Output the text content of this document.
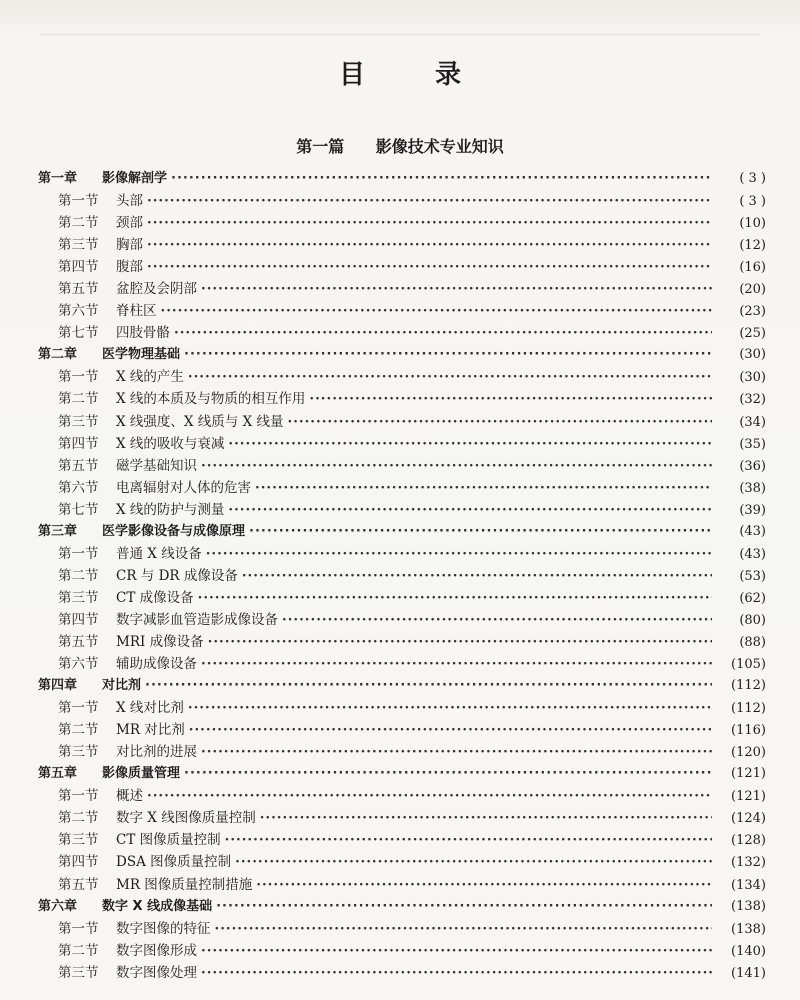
目　录
第一篇 影像技术专业知识
第一章	影像解剖学 ·····	( 3 )
第一节	头部 ·····	( 3 )
第二节	颈部 ·····	(10)
第三节	胸部 ·····	(12)
第四节	腹部 ·····	(16)
第五节	盆腔及会阴部 ·····	(20)
第六节	脊柱区 ·····	(23)
第七节	四肢骨骼 ·····	(25)
第二章	医学物理基础 ·····	(30)
第一节	X 线的产生 ·····	(30)
第二节	X 线的本质及与物质的相互作用 ·····	(32)
第三节	X 线强度、X 线质与 X 线量 ·····	(34)
第四节	X 线的吸收与衰减 ·····	(35)
第五节	磁学基础知识 ·····	(36)
第六节	电离辐射对人体的危害 ·····	(38)
第七节	X 线的防护与测量 ·····	(39)
第三章	医学影像设备与成像原理 ·····	(43)
第一节	普通 X 线设备 ·····	(43)
第二节	CR 与 DR 成像设备 ·····	(53)
第三节	CT 成像设备 ·····	(62)
第四节	数字减影血管造影成像设备 ·····	(80)
第五节	MRI 成像设备 ·····	(88)
第六节	辅助成像设备 ·····	(105)
第四章	对比剂 ·····	(112)
第一节	X 线对比剂 ·····	(112)
第二节	MR 对比剂 ·····	(116)
第三节	对比剂的进展 ·····	(120)
第五章	影像质量管理 ·····	(121)
第一节	概述 ·····	(121)
第二节	数字 X 线图像质量控制 ·····	(124)
第三节	CT 图像质量控制 ·····	(128)
第四节	DSA 图像质量控制 ·····	(132)
第五节	MR 图像质量控制措施 ·····	(134)
第六章	数字 X 线成像基础 ·····	(138)
第一节	数字图像的特征 ·····	(138)
第二节	数字图像形成 ·····	(140)
第三节	数字图像处理 ·····	(141)
